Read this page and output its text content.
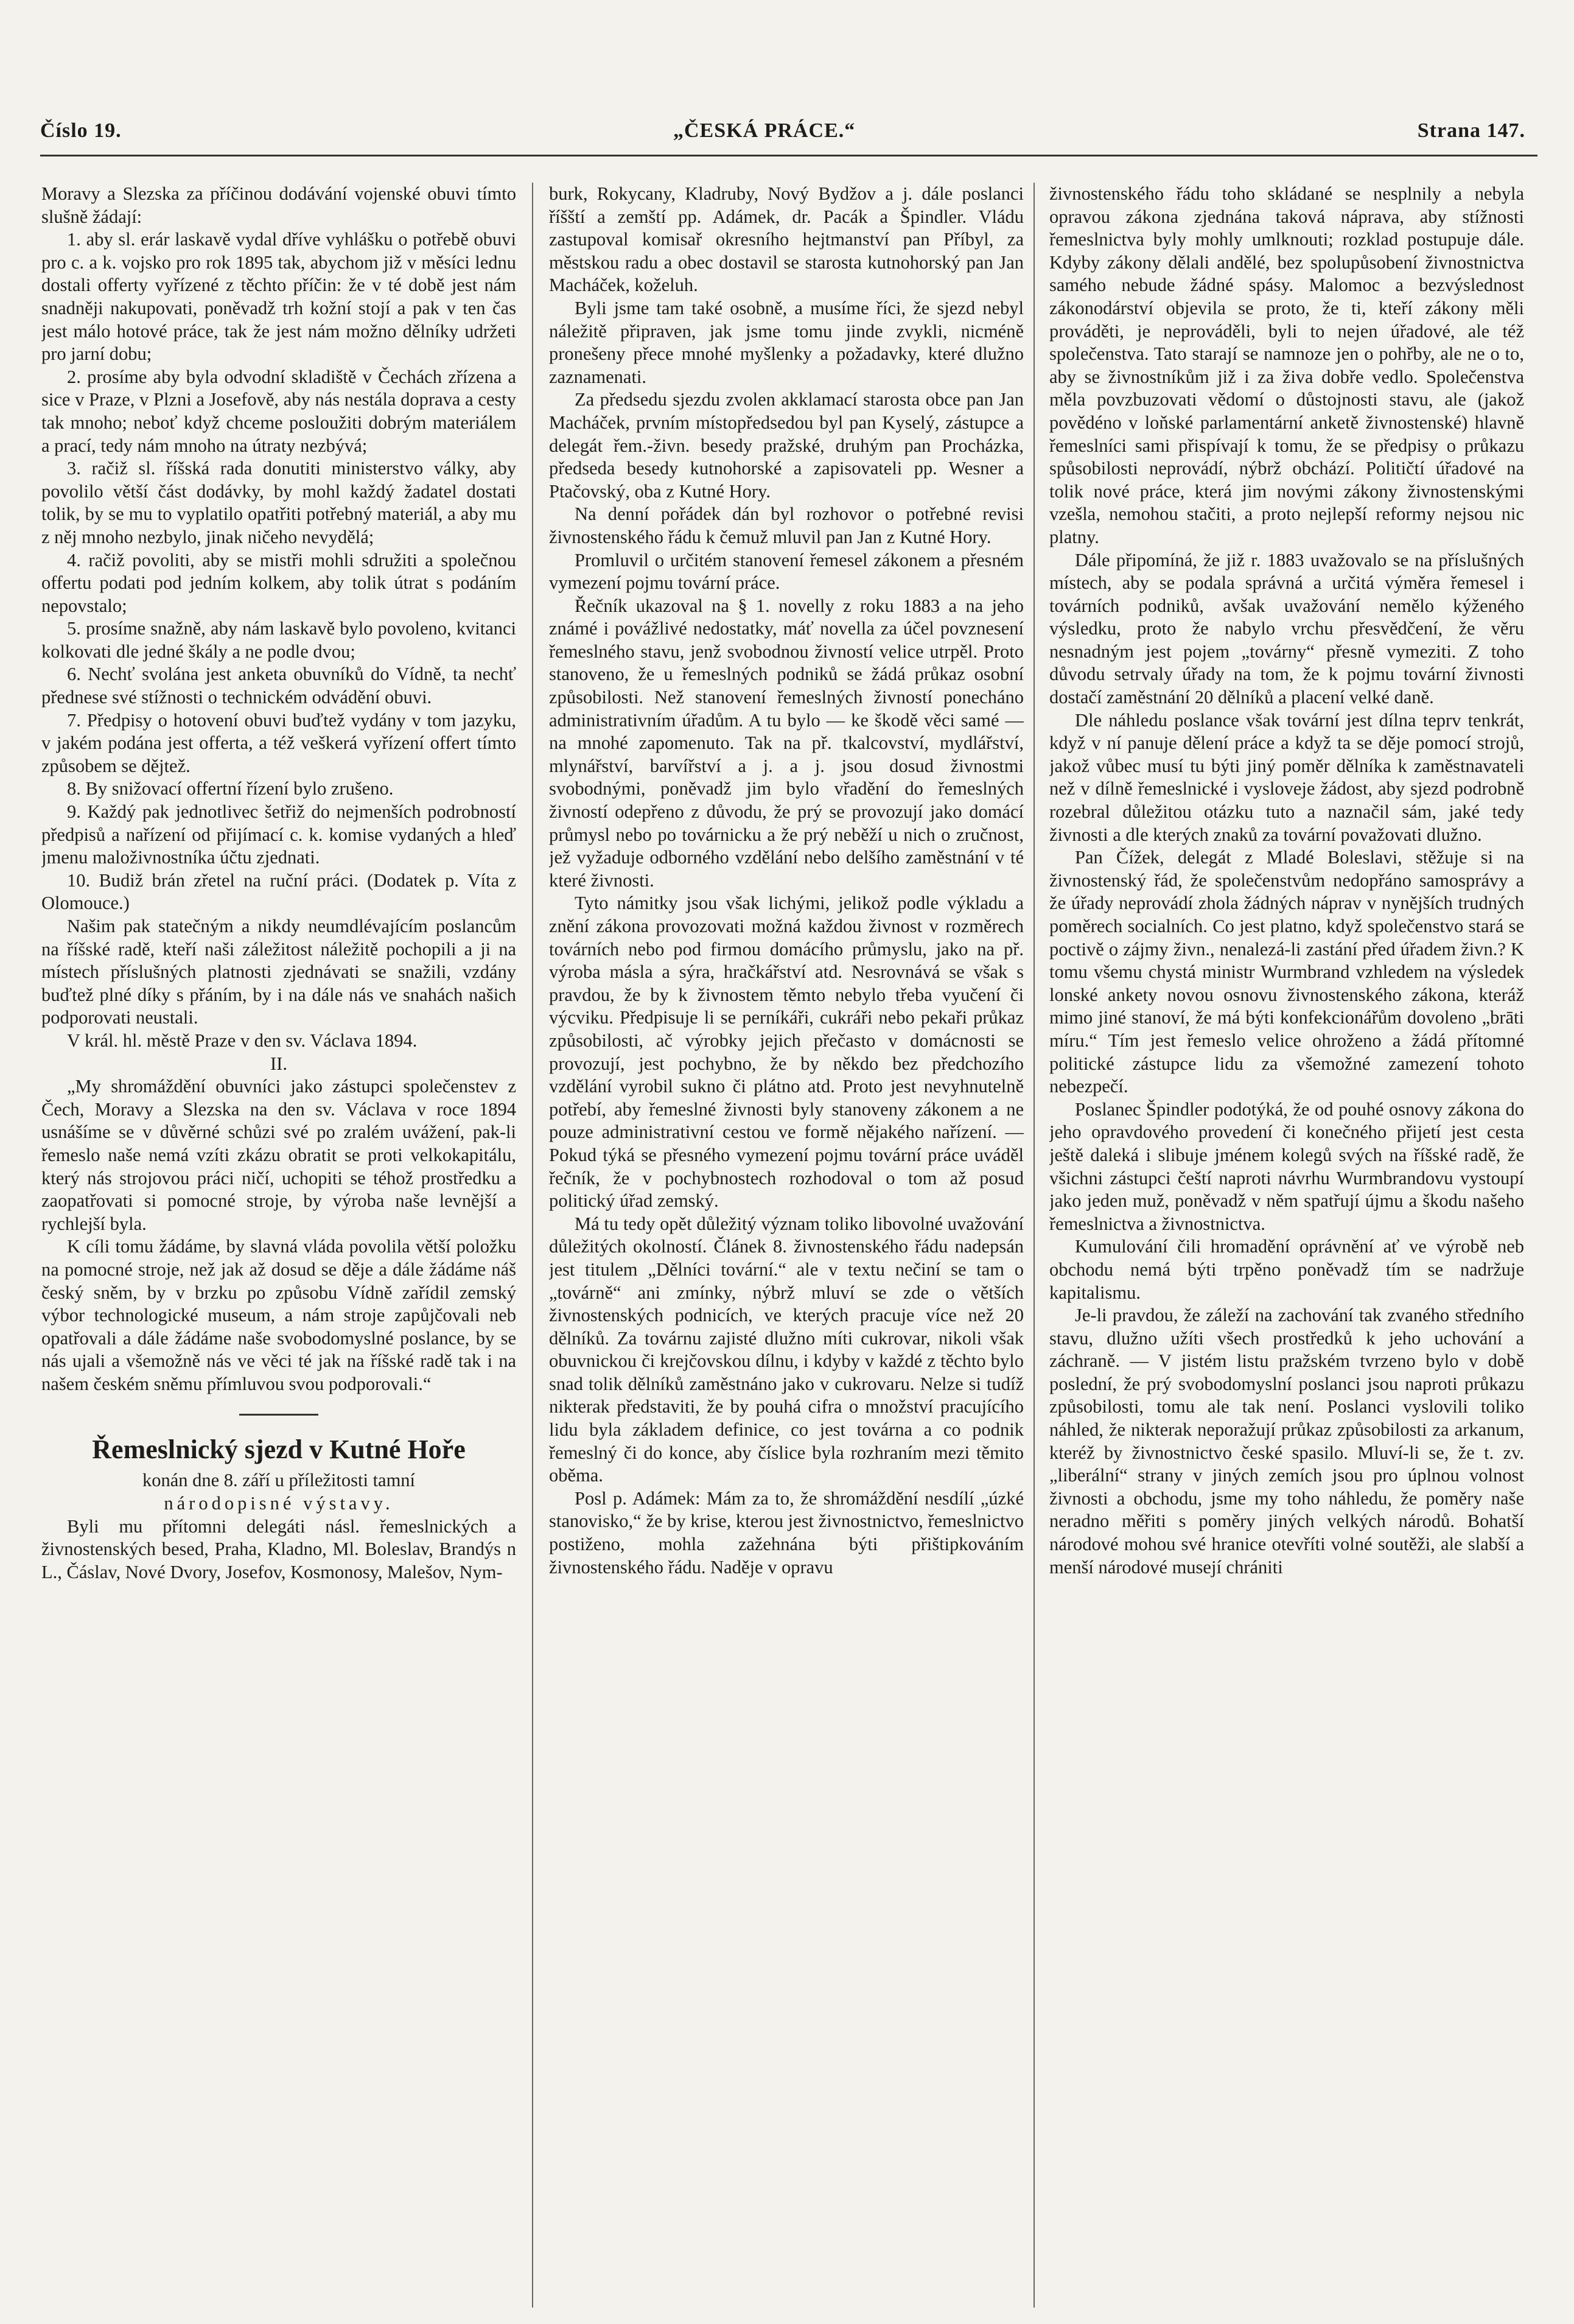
Číslo 19.	„ČESKÁ PRÁCE.“	Strana 147.

Moravy a Slezska za příčinou dodávání vojenské obuvi tímto slušně žádají:

1. aby sl. erár laskavě vydal dříve vyhlášku o potřebě obuvi pro c. a k. vojsko pro rok 1895 tak, abychom již v měsíci lednu dostali offerty vyřízené z těchto příčin: že v té době jest nám snadněji nakupovati, poněvadž trh kožní stojí a pak v ten čas jest málo hotové práce, tak že jest nám možno dělníky udržeti pro jarní dobu;

2. prosíme aby byla odvodní skladiště v Čechách zřízena a sice v Praze, v Plzni a Josefově, aby nás nestála doprava a cesty tak mnoho; neboť když chceme posloužiti dobrým materiálem a prací, tedy nám mnoho na útraty nezbývá;

3. račiž sl. říšská rada donutiti ministerstvo války, aby povolilo větší část dodávky, by mohl každý žadatel dostati tolik, by se mu to vyplatilo opatřiti potřebný materiál, a aby mu z něj mnoho nezbylo, jinak ničeho nevydělá;

4. račiž povoliti, aby se mistři mohli sdružiti a společnou offertu podati pod jedním kolkem, aby tolik útrat s podáním nepovstalo;

5. prosíme snažně, aby nám laskavě bylo povoleno, kvitanci kolkovati dle jedné škály a ne podle dvou;

6. Nechť svolána jest anketa obuvníků do Vídně, ta nechť přednese své stížnosti o technickém odvádění obuvi.

7. Předpisy o hotovení obuvi buďtež vydány v tom jazyku, v jakém podána jest offerta, a též veškerá vyřízení offert tímto způsobem se dějtež.

8. By snižovací offertní řízení bylo zrušeno.

9. Každý pak jednotlivec šetřiž do nejmenších podrobností předpisů a nařízení od přijímací c. k. komise vydaných a hleď jmenu maloživnostníka účtu zjednati.

10. Budiž brán zřetel na ruční práci. (Dodatek p. Víta z Olomouce.)

Našim pak statečným a nikdy neumdlévajícím poslancům na říšské radě, kteří naši záležitost náležitě pochopili a ji na místech příslušných platnosti zjednávati se snažili, vzdány buďtež plné díky s přáním, by i na dále nás ve snahách našich podporovati neustali.

V král. hl. městě Praze v den sv. Václava 1894.

II.

„My shromáždění obuvníci jako zástupci společenstev z Čech, Moravy a Slezska na den sv. Václava v roce 1894 usnášíme se v důvěrné schůzi své po zralém uvážení, pak-li řemeslo naše nemá vzíti zkázu obratit se proti velkokapitálu, který nás strojovou práci ničí, uchopiti se téhož prostředku a zaopatřovati si pomocné stroje, by výroba naše levnější a rychlejší byla.

K cíli tomu žádáme, by slavná vláda povolila větší položku na pomocné stroje, než jak až dosud se děje a dále žádáme náš český sněm, by v brzku po způsobu Vídně zařídil zemský výbor technologické museum, a nám stroje zapůjčovali neb opatřovali a dále žádáme naše svobodomyslné poslance, by se nás ujali a všemožně nás ve věci té jak na říšské radě tak i na našem českém sněmu přímluvou svou podporovali.“

Řemeslnický sjezd v Kutné Hoře

konán dne 8. září u příležitosti tamní

národopisné výstavy.

Byli mu přítomni delegáti násl. řemeslnických a živnostenských besed, Praha, Kladno, Ml. Boleslav, Brandýs n L., Čáslav, Nové Dvory, Josefov, Kosmonosy, Malešov, Nym-

burk, Rokycany, Kladruby, Nový Bydžov a j. dále poslanci říšští a zemští pp. Adámek, dr. Pacák a Špindler. Vládu zastupoval komisař okresního hejtmanství pan Příbyl, za městskou radu a obec dostavil se starosta kutnohorský pan Jan Macháček, koželuh.

Byli jsme tam také osobně, a musíme říci, že sjezd nebyl náležitě připraven, jak jsme tomu jinde zvykli, nicméně pronešeny přece mnohé myšlenky a požadavky, které dlužno zaznamenati.

Za předsedu sjezdu zvolen akklamací starosta obce pan Jan Macháček, prvním místopředsedou byl pan Kyselý, zástupce a delegát řem.-živn. besedy pražské, druhým pan Procházka, předseda besedy kutnohorské a zapisovateli pp. Wesner a Ptačovský, oba z Kutné Hory.

Na denní pořádek dán byl rozhovor o potřebné revisi živnostenského řádu k čemuž mluvil pan Jan z Kutné Hory.

Promluvil o určitém stanovení řemesel zákonem a přesném vymezení pojmu tovární práce.

Řečník ukazoval na § 1. novelly z roku 1883 a na jeho známé i povážlivé nedostatky, máť novella za účel povznesení řemeslného stavu, jenž svobodnou živností velice utrpěl. Proto stanoveno, že u řemeslných podniků se žádá průkaz osobní způsobilosti. Než stanovení řemeslných živností ponecháno administrativním úřadům. A tu bylo — ke škodě věci samé — na mnohé zapomenuto. Tak na př. tkalcovství, mydlářství, mlynářství, barvířství a j. a j. jsou dosud živnostmi svobodnými, poněvadž jim bylo vřadění do řemeslných živností odepřeno z důvodu, že prý se provozují jako domácí průmysl nebo po továrnicku a že prý neběží u nich o zručnost, jež vyžaduje odborného vzdělání nebo delšího zaměstnání v té které živnosti.

Tyto námitky jsou však lichými, jelikož podle výkladu a znění zákona provozovati možná každou živnost v rozměrech továrních nebo pod firmou domácího průmyslu, jako na př. výroba másla a sýra, hračkářství atd. Nesrovnává se však s pravdou, že by k živnostem těmto nebylo třeba vyučení či výcviku. Předpisuje li se perníkáři, cukráři nebo pekaři průkaz způsobilosti, ač výrobky jejich přečasto v domácnosti se provozují, jest pochybno, že by někdo bez předchozího vzdělání vyrobil sukno či plátno atd. Proto jest nevyhnutelně potřebí, aby řemeslné živnosti byly stanoveny zákonem a ne pouze administrativní cestou ve formě nějakého nařízení. — Pokud týká se přesného vymezení pojmu tovární práce uváděl řečník, že v pochybnostech rozhodoval o tom až posud politický úřad zemský.

Má tu tedy opět důležitý význam toliko libovolné uvažování důležitých okolností. Článek 8. živnostenského řádu nadepsán jest titulem „Dělníci tovární.“ ale v textu nečiní se tam o „továrně“ ani zmínky, nýbrž mluví se zde o větších živnostenských podnicích, ve kterých pracuje více než 20 dělníků. Za továrnu zajisté dlužno míti cukrovar, nikoli však obuvnickou či krejčovskou dílnu, i kdyby v každé z těchto bylo snad tolik dělníků zaměstnáno jako v cukrovaru. Nelze si tudíž nikterak představiti, že by pouhá cifra o množství pracujícího lidu byla základem definice, co jest továrna a co podnik řemeslný či do konce, aby číslice byla rozhraním mezi těmito oběma.

Posl p. Adámek: Mám za to, že shromáždění nesdílí „úzké stanovisko,“ že by krise, kterou jest živnostnictvo, řemeslnictvo postiženo, mohla zažehnána býti přištipkováním živnostenského řádu. Naděje v opravu

živnostenského řádu toho skládané se nesplnily a nebyla opravou zákona zjednána taková náprava, aby stížnosti řemeslnictva byly mohly umlknouti; rozklad postupuje dále. Kdyby zákony dělali andělé, bez spolupůsobení živnostnictva samého nebude žádné spásy. Malomoc a bezvýslednost zákonodárství objevila se proto, že ti, kteří zákony měli prováděti, je neprováděli, byli to nejen úřadové, ale též společenstva. Tato starají se namnoze jen o pohřby, ale ne o to, aby se živnostníkům již i za živa dobře vedlo. Společenstva měla povzbuzovati vědomí o důstojnosti stavu, ale (jakož povědéno v loňské parlamentární anketě živnostenské) hlavně řemeslníci sami přispívají k tomu, že se předpisy o průkazu spůsobilosti neprovádí, nýbrž obchází. Političtí úřadové na tolik nové práce, která jim novými zákony živnostenskými vzešla, nemohou stačiti, a proto nejlepší reformy nejsou nic platny.

Dále připomíná, že již r. 1883 uvažovalo se na příslušných místech, aby se podala správná a určitá výměra řemesel i továrních podniků, avšak uvažování nemělo kýženého výsledku, proto že nabylo vrchu přesvědčení, že věru nesnadným jest pojem „továrny“ přesně vymeziti. Z toho důvodu setrvaly úřady na tom, že k pojmu tovární živnosti dostačí zaměstnání 20 dělníků a placení velké daně.

Dle náhledu poslance však tovární jest dílna teprv tenkrát, když v ní panuje dělení práce a když ta se děje pomocí strojů, jakož vůbec musí tu býti jiný poměr dělníka k zaměstnavateli než v dílně řemeslnické i vysloveje žádost, aby sjezd podrobně rozebral důležitou otázku tuto a naznačil sám, jaké tedy živnosti a dle kterých znaků za tovární považovati dlužno.

Pan Čížek, delegát z Mladé Boleslavi, stěžuje si na živnostenský řád, že společenstvům nedopřáno samosprávy a že úřady neprovádí zhola žádných náprav v nynějších trudných poměrech socialních. Co jest platno, když společenstvo stará se poctivě o zájmy živn., nenalezá-li zastání před úřadem živn.? K tomu všemu chystá ministr Wurmbrand vzhledem na výsledek lonské ankety novou osnovu živnostenského zákona, kteráž mimo jiné stanoví, že má býti konfekcionářům dovoleno „brāti míru.“ Tím jest řemeslo velice ohroženo a žádá přítomné politické zástupce lidu za všemožné zamezení tohoto nebezpečí.

Poslanec Špindler podotýká, že od pouhé osnovy zákona do jeho opravdového provedení či konečného přijetí jest cesta ještě daleká i slibuje jménem kolegů svých na říšské radě, že všichni zástupci čeští naproti návrhu Wurmbrandovu vystoupí jako jeden muž, poněvadž v něm spatřují újmu a škodu našeho řemeslnictva a živnostnictva.

Kumulování čili hromadění oprávnění ať ve výrobě neb obchodu nemá býti trpěno poněvadž tím se nadržuje kapitalismu.

Je-li pravdou, že záleží na zachování tak zvaného středního stavu, dlužno užíti všech prostředků k jeho uchování a záchraně. — V jistém listu pražském tvrzeno bylo v době poslední, že prý svobodomyslní poslanci jsou naproti průkazu způsobilosti, tomu ale tak není. Poslanci vyslovili toliko náhled, že nikterak neporažují průkaz způsobilosti za arkanum, kteréž by živnostnictvo české spasilo. Mluví-li se, že t. zv. „liberální“ strany v jiných zemích jsou pro úplnou volnost živnosti a obchodu, jsme my toho náhledu, že poměry naše neradno měřiti s poměry jiných velkých národů. Bohatší národové mohou své hranice otevříti volné soutěži, ale slabší a menší národové musejí chrániti
